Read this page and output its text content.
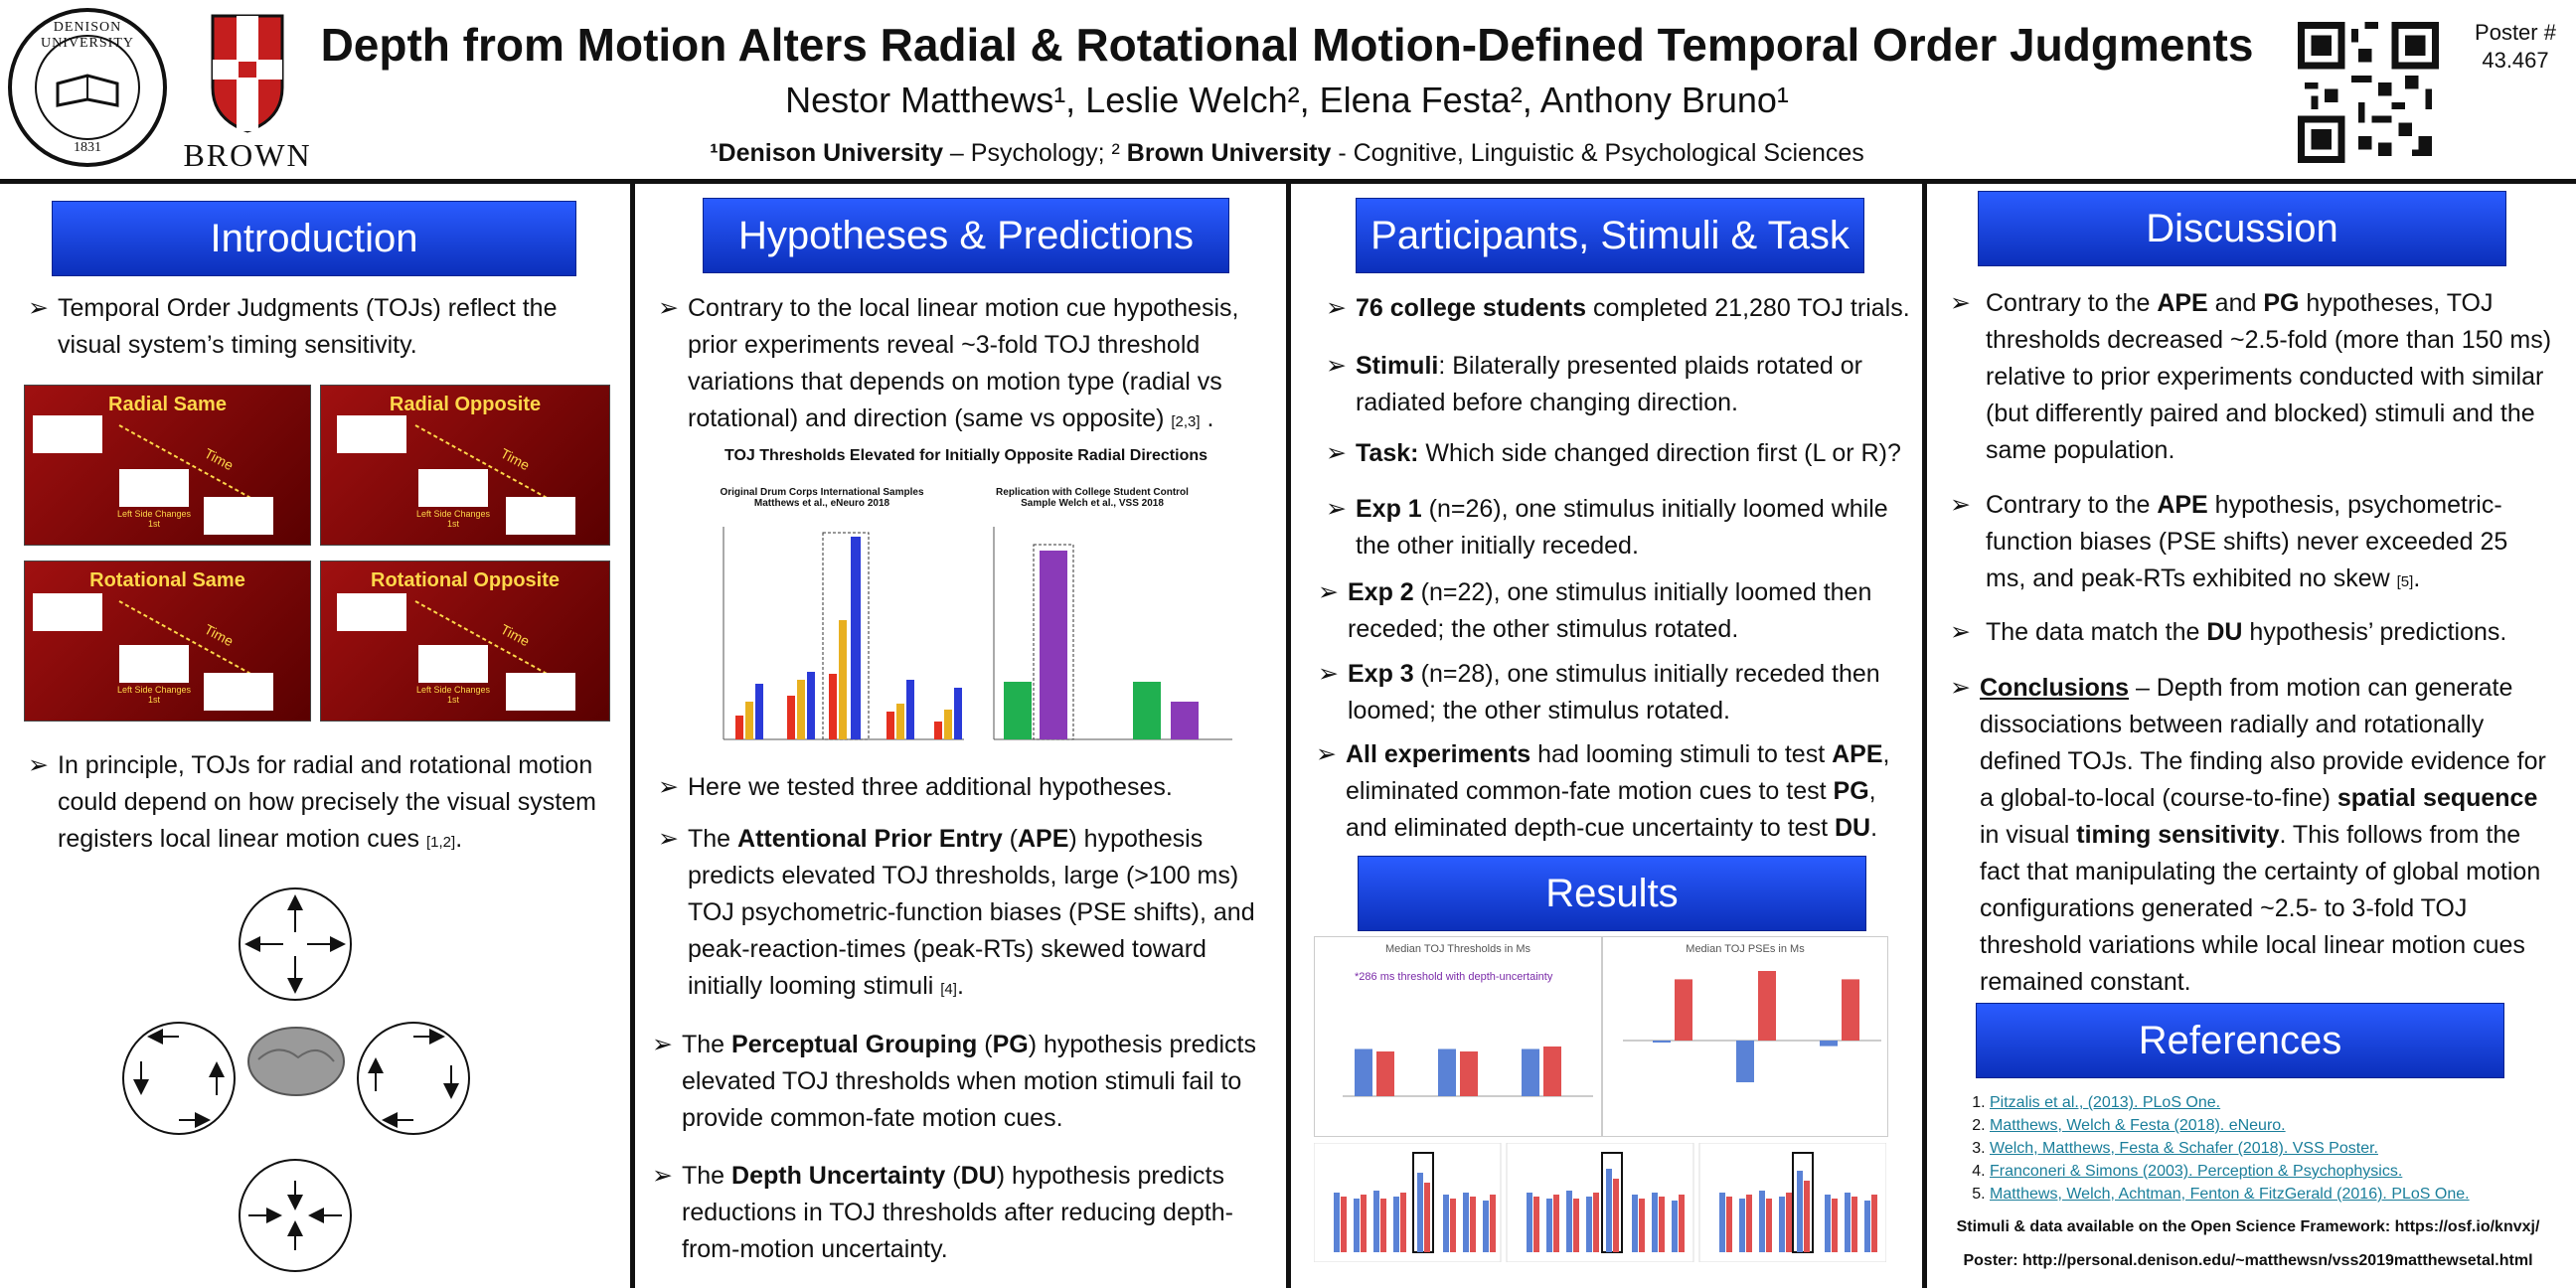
DENISON UNIVERSITY
1831	BROWN
Depth from Motion Alters Radial & Rotational Motion-Defined Temporal Order Judgments
Nestor Matthews¹, Leslie Welch², Elena Festa², Anthony Bruno¹
¹Denison University – Psychology; ² Brown University - Cognitive, Linguistic & Psychological Sciences
Poster #
43.467
Introduction
➢ Temporal Order Judgments (TOJs) reflect the visual system’s timing sensitivity.
Radial Same
Time
Left Side Changes 1st
Radial Opposite
Time
Left Side Changes 1st
Rotational Same
Time
Left Side Changes 1st
Rotational Opposite
Time
Left Side Changes 1st
➢ In principle, TOJs for radial and rotational motion could depend on how precisely the visual system registers local linear motion cues [1,2].
Hypotheses & Predictions
➢ Contrary to the local linear motion cue hypothesis, prior experiments reveal ~3-fold TOJ threshold variations that depends on motion type (radial vs rotational) and direction (same vs opposite) [2,3] .
TOJ Thresholds Elevated for Initially Opposite Radial Directions
Original Drum Corps International Samples Matthews et al., eNeuro 2018
Replication with College Student Control Sample Welch et al., VSS 2018
➢ Here we tested three additional hypotheses.
➢ The Attentional Prior Entry (APE) hypothesis predicts elevated TOJ thresholds, large (>100 ms) TOJ psychometric-function biases (PSE shifts), and peak-reaction-times (peak-RTs) skewed toward initially looming stimuli [4].
➢ The Perceptual Grouping (PG) hypothesis predicts elevated TOJ thresholds when motion stimuli fail to provide common-fate motion cues.
➢ The Depth Uncertainty (DU) hypothesis predicts reductions in TOJ thresholds after reducing depth-from-motion uncertainty.
Participants, Stimuli & Task
➢ 76 college students completed 21,280 TOJ trials.
➢ Stimuli: Bilaterally presented plaids rotated or radiated before changing direction.
➢ Task: Which side changed direction first (L or R)?
➢ Exp 1 (n=26), one stimulus initially loomed while the other initially receded.
➢ Exp 2 (n=22), one stimulus initially loomed then receded; the other stimulus rotated.
➢ Exp 3 (n=28), one stimulus initially receded then loomed; the other stimulus rotated.
➢ All experiments had looming stimuli to test APE, eliminated common-fate motion cues to test PG, and eliminated depth-cue uncertainty to test DU.
Results
Median TOJ Thresholds in Ms
*286 ms threshold with depth-uncertainty
Median TOJ PSEs in Ms
Discussion
➢ Contrary to the APE and PG hypotheses, TOJ thresholds decreased ~2.5-fold (more than 150 ms) relative to prior experiments conducted with similar (but differently paired and blocked) stimuli and the same population.
➢ Contrary to the APE hypothesis, psychometric-function biases (PSE shifts) never exceeded 25 ms, and peak-RTs exhibited no skew [5].
➢ The data match the DU hypothesis’ predictions.
➢ Conclusions – Depth from motion can generate dissociations between radially and rotationally defined TOJs. The finding also provide evidence for a global-to-local (course-to-fine) spatial sequence in visual timing sensitivity. This follows from the fact that manipulating the certainty of global motion configurations generated ~2.5- to 3-fold TOJ threshold variations while local linear motion cues remained constant.
References
1. Pitzalis et al., (2013). PLoS One.
2. Matthews, Welch & Festa (2018). eNeuro.
3. Welch, Matthews, Festa & Schafer (2018). VSS Poster.
4. Franconeri & Simons (2003). Perception & Psychophysics.
5. Matthews, Welch, Achtman, Fenton & FitzGerald (2016). PLoS One.
Stimuli & data available on the Open Science Framework: https://osf.io/knvxj/
Poster: http://personal.denison.edu/~matthewsn/vss2019matthewsetal.html
